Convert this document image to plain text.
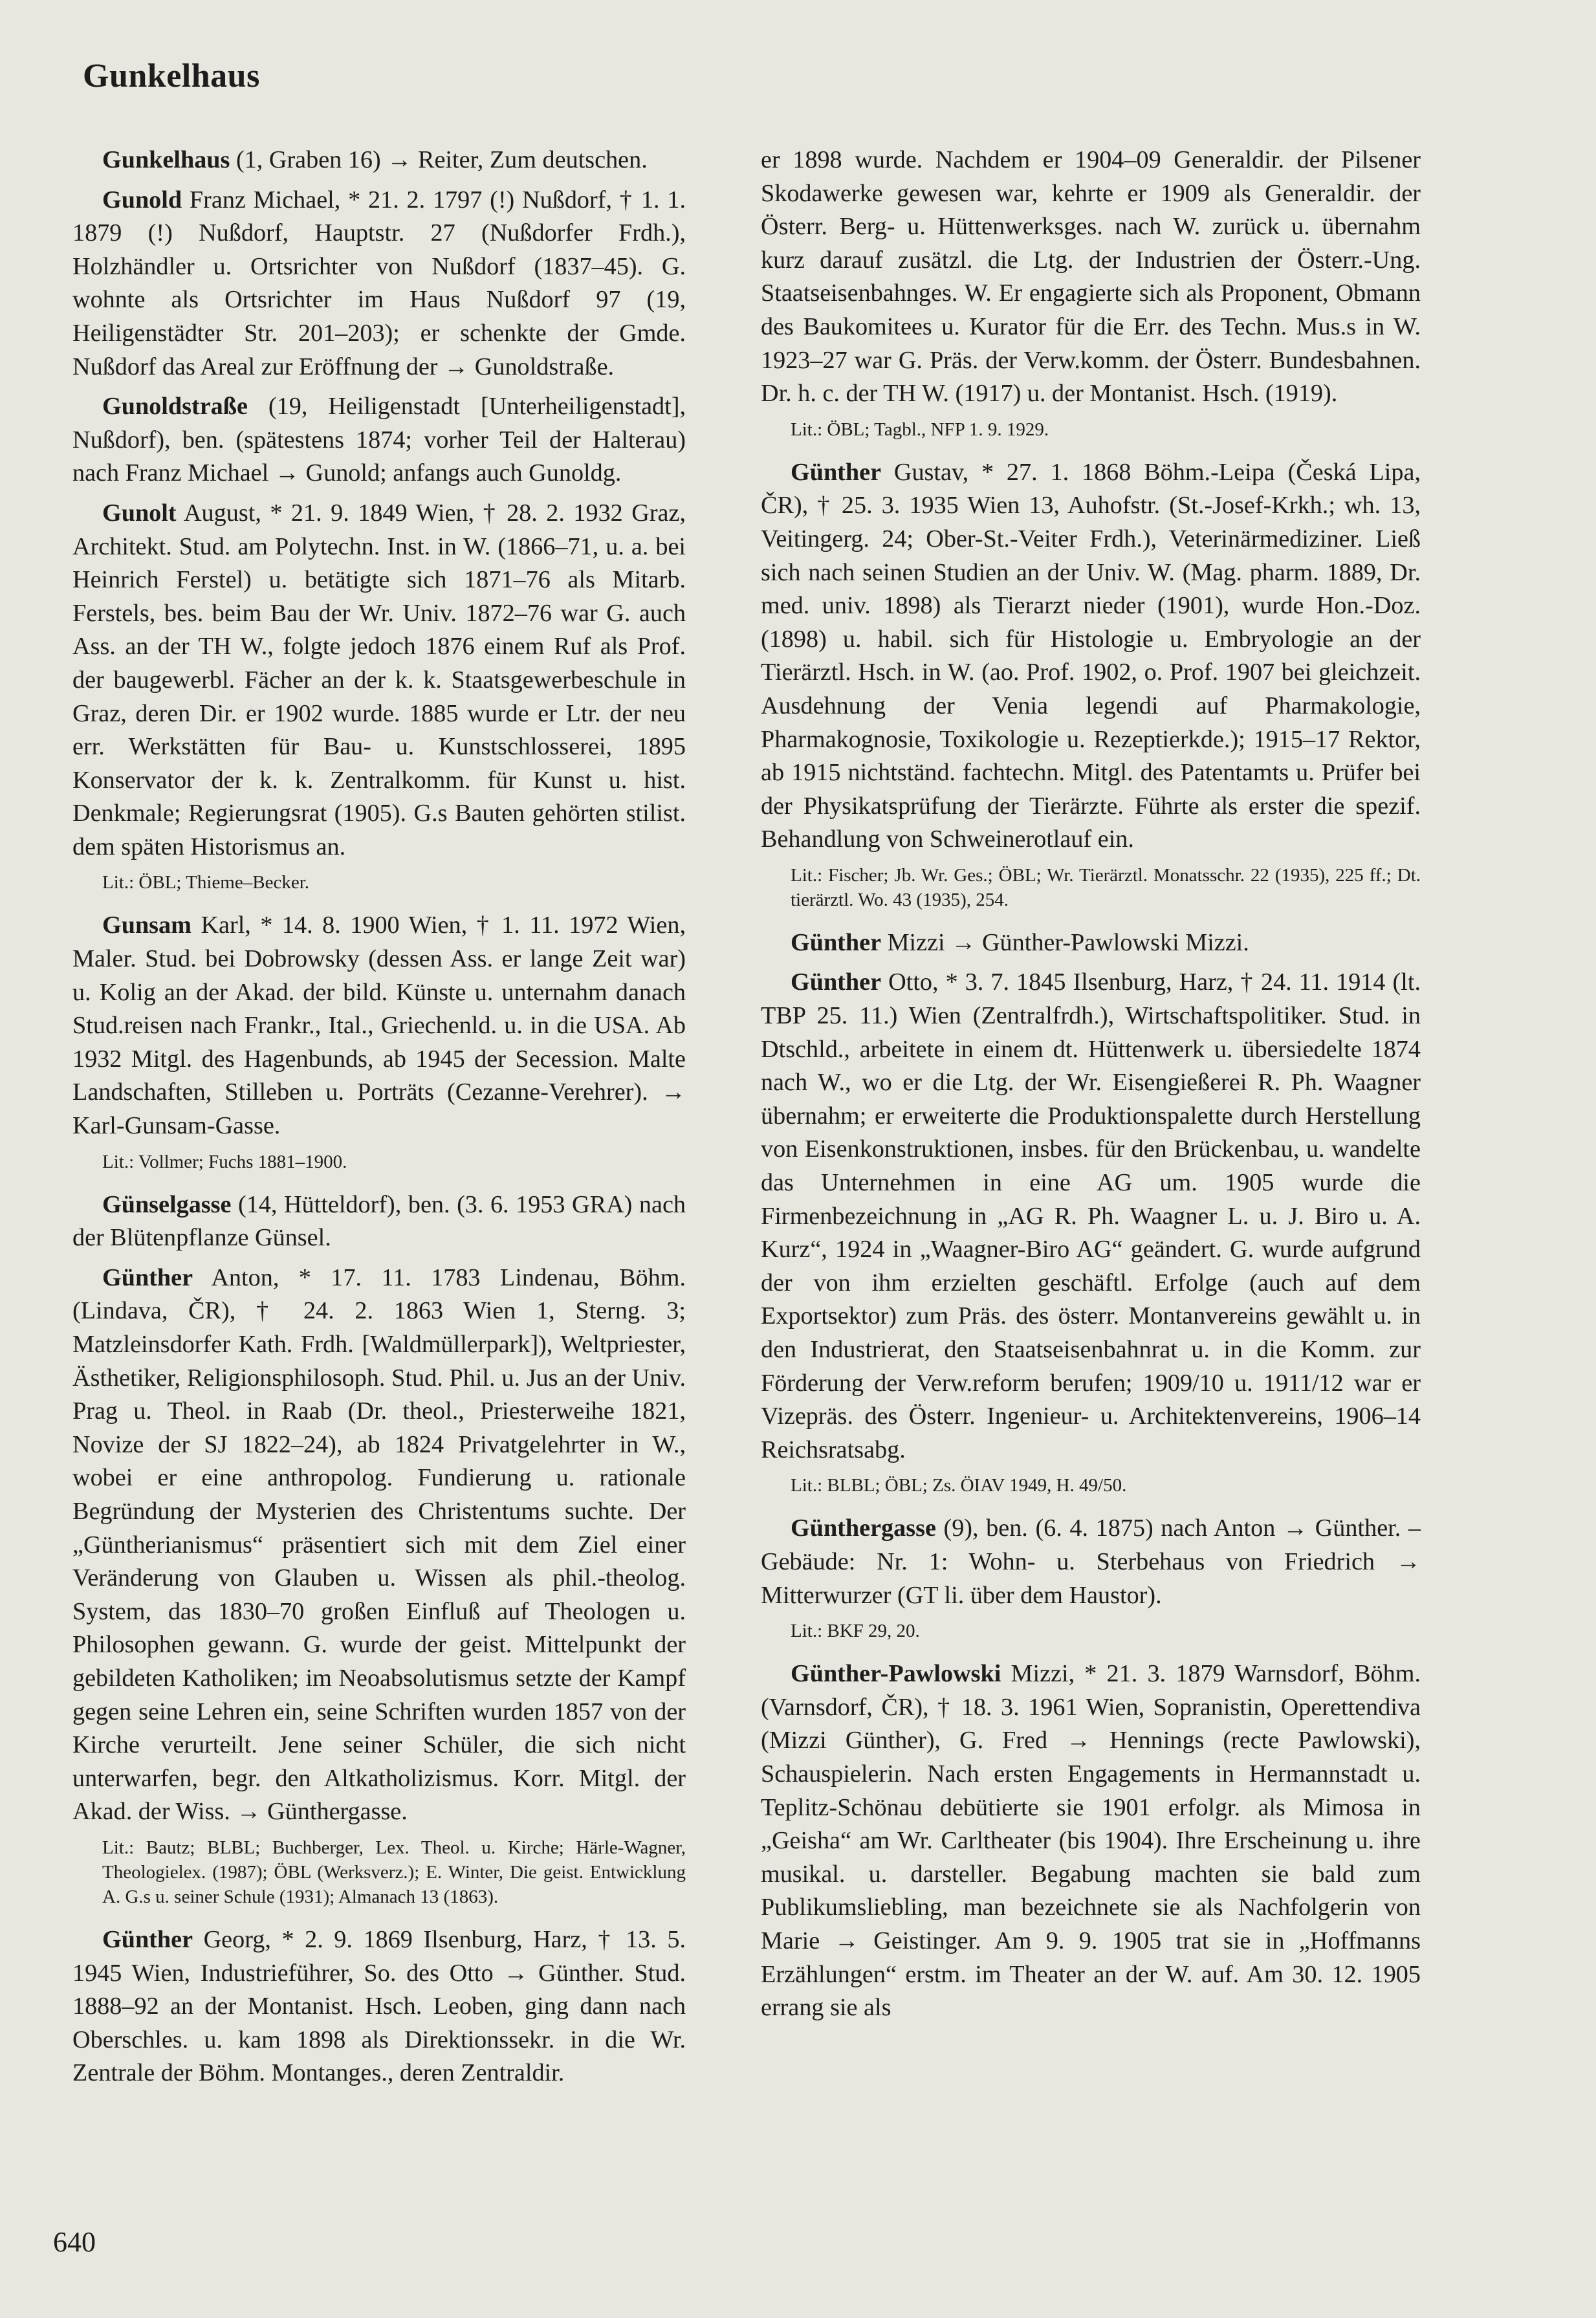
Gunkelhaus

Gunkelhaus (1, Graben 16) → Reiter, Zum deutschen.

Gunold Franz Michael, * 21. 2. 1797 (!) Nußdorf, † 1. 1. 1879 (!) Nußdorf, Hauptstr. 27 (Nußdorfer Frdh.), Holzhändler u. Ortsrichter von Nußdorf (1837–45). G. wohnte als Ortsrichter im Haus Nußdorf 97 (19, Heiligenstädter Str. 201–203); er schenkte der Gmde. Nußdorf das Areal zur Eröffnung der → Gunoldstraße.

Gunoldstraße (19, Heiligenstadt [Unterheiligenstadt], Nußdorf), ben. (spätestens 1874; vorher Teil der Halterau) nach Franz Michael → Gunold; anfangs auch Gunoldg.

Gunolt August, * 21. 9. 1849 Wien, † 28. 2. 1932 Graz, Architekt. Stud. am Polytechn. Inst. in W. (1866–71, u. a. bei Heinrich Ferstel) u. betätigte sich 1871–76 als Mitarb. Ferstels, bes. beim Bau der Wr. Univ. 1872–76 war G. auch Ass. an der TH W., folgte jedoch 1876 einem Ruf als Prof. der baugewerbl. Fächer an der k. k. Staatsgewerbeschule in Graz, deren Dir. er 1902 wurde. 1885 wurde er Ltr. der neu err. Werkstätten für Bau- u. Kunstschlosserei, 1895 Konservator der k. k. Zentralkomm. für Kunst u. hist. Denkmale; Regierungsrat (1905). G.s Bauten gehörten stilist. dem späten Historismus an.

Lit.: ÖBL; Thieme–Becker.

Gunsam Karl, * 14. 8. 1900 Wien, † 1. 11. 1972 Wien, Maler. Stud. bei Dobrowsky (dessen Ass. er lange Zeit war) u. Kolig an der Akad. der bild. Künste u. unternahm danach Stud.reisen nach Frankr., Ital., Griechenld. u. in die USA. Ab 1932 Mitgl. des Hagenbunds, ab 1945 der Secession. Malte Landschaften, Stilleben u. Porträts (Cezanne-Verehrer). → Karl-Gunsam-Gasse.

Lit.: Vollmer; Fuchs 1881–1900.

Günselgasse (14, Hütteldorf), ben. (3. 6. 1953 GRA) nach der Blütenpflanze Günsel.

Günther Anton, * 17. 11. 1783 Lindenau, Böhm. (Lindava, ČR), † 24. 2. 1863 Wien 1, Sterng. 3; Matzleinsdorfer Kath. Frdh. [Waldmüllerpark]), Weltpriester, Ästhetiker, Religionsphilosoph. Stud. Phil. u. Jus an der Univ. Prag u. Theol. in Raab (Dr. theol., Priesterweihe 1821, Novize der SJ 1822–24), ab 1824 Privatgelehrter in W., wobei er eine anthropolog. Fundierung u. rationale Begründung der Mysterien des Christentums suchte. Der „Güntherianismus“ präsentiert sich mit dem Ziel einer Veränderung von Glauben u. Wissen als phil.-theolog. System, das 1830–70 großen Einfluß auf Theologen u. Philosophen gewann. G. wurde der geist. Mittelpunkt der gebildeten Katholiken; im Neoabsolutismus setzte der Kampf gegen seine Lehren ein, seine Schriften wurden 1857 von der Kirche verurteilt. Jene seiner Schüler, die sich nicht unterwarfen, begr. den Altkatholizismus. Korr. Mitgl. der Akad. der Wiss. → Günthergasse.

Lit.: Bautz; BLBL; Buchberger, Lex. Theol. u. Kirche; Härle-Wagner, Theologielex. (1987); ÖBL (Werksverz.); E. Winter, Die geist. Entwicklung A. G.s u. seiner Schule (1931); Almanach 13 (1863).

Günther Georg, * 2. 9. 1869 Ilsenburg, Harz, † 13. 5. 1945 Wien, Industrieführer, So. des Otto → Günther. Stud. 1888–92 an der Montanist. Hsch. Leoben, ging dann nach Oberschles. u. kam 1898 als Direktionssekr. in die Wr. Zentrale der Böhm. Montanges., deren Zentraldir.

er 1898 wurde. Nachdem er 1904–09 Generaldir. der Pilsener Skodawerke gewesen war, kehrte er 1909 als Generaldir. der Österr. Berg- u. Hüttenwerksges. nach W. zurück u. übernahm kurz darauf zusätzl. die Ltg. der Industrien der Österr.-Ung. Staatseisenbahnges. W. Er engagierte sich als Proponent, Obmann des Baukomitees u. Kurator für die Err. des Techn. Mus.s in W. 1923–27 war G. Präs. der Verw.komm. der Österr. Bundesbahnen. Dr. h. c. der TH W. (1917) u. der Montanist. Hsch. (1919).

Lit.: ÖBL; Tagbl., NFP 1. 9. 1929.

Günther Gustav, * 27. 1. 1868 Böhm.-Leipa (Česká Lipa, ČR), † 25. 3. 1935 Wien 13, Auhofstr. (St.-Josef-Krkh.; wh. 13, Veitingerg. 24; Ober-St.-Veiter Frdh.), Veterinärmediziner. Ließ sich nach seinen Studien an der Univ. W. (Mag. pharm. 1889, Dr. med. univ. 1898) als Tierarzt nieder (1901), wurde Hon.-Doz. (1898) u. habil. sich für Histologie u. Embryologie an der Tierärztl. Hsch. in W. (ao. Prof. 1902, o. Prof. 1907 bei gleichzeit. Ausdehnung der Venia legendi auf Pharmakologie, Pharmakognosie, Toxikologie u. Rezeptierkde.); 1915–17 Rektor, ab 1915 nichtständ. fachtechn. Mitgl. des Patentamts u. Prüfer bei der Physikatsprüfung der Tierärzte. Führte als erster die spezif. Behandlung von Schweinerotlauf ein.

Lit.: Fischer; Jb. Wr. Ges.; ÖBL; Wr. Tierärztl. Monatsschr. 22 (1935), 225 ff.; Dt. tierärztl. Wo. 43 (1935), 254.

Günther Mizzi → Günther-Pawlowski Mizzi.

Günther Otto, * 3. 7. 1845 Ilsenburg, Harz, † 24. 11. 1914 (lt. TBP 25. 11.) Wien (Zentralfrdh.), Wirtschaftspolitiker. Stud. in Dtschld., arbeitete in einem dt. Hüttenwerk u. übersiedelte 1874 nach W., wo er die Ltg. der Wr. Eisengießerei R. Ph. Waagner übernahm; er erweiterte die Produktionspalette durch Herstellung von Eisenkonstruktionen, insbes. für den Brückenbau, u. wandelte das Unternehmen in eine AG um. 1905 wurde die Firmenbezeichnung in „AG R. Ph. Waagner L. u. J. Biro u. A. Kurz“, 1924 in „Waagner-Biro AG“ geändert. G. wurde aufgrund der von ihm erzielten geschäftl. Erfolge (auch auf dem Exportsektor) zum Präs. des österr. Montanvereins gewählt u. in den Industrierat, den Staatseisenbahnrat u. in die Komm. zur Förderung der Verw.reform berufen; 1909/10 u. 1911/12 war er Vizepräs. des Österr. Ingenieur- u. Architektenvereins, 1906–14 Reichsratsabg.

Lit.: BLBL; ÖBL; Zs. ÖIAV 1949, H. 49/50.

Günthergasse (9), ben. (6. 4. 1875) nach Anton → Günther. – Gebäude: Nr. 1: Wohn- u. Sterbehaus von Friedrich → Mitterwurzer (GT li. über dem Haustor).

Lit.: BKF 29, 20.

Günther-Pawlowski Mizzi, * 21. 3. 1879 Warnsdorf, Böhm. (Varnsdorf, ČR), † 18. 3. 1961 Wien, Sopranistin, Operettendiva (Mizzi Günther), G. Fred → Hennings (recte Pawlowski), Schauspielerin. Nach ersten Engagements in Hermannstadt u. Teplitz-Schönau debütierte sie 1901 erfolgr. als Mimosa in „Geisha“ am Wr. Carltheater (bis 1904). Ihre Erscheinung u. ihre musikal. u. darsteller. Begabung machten sie bald zum Publikumsliebling, man bezeichnete sie als Nachfolgerin von Marie → Geistinger. Am 9. 9. 1905 trat sie in „Hoffmanns Erzählungen“ erstm. im Theater an der W. auf. Am 30. 12. 1905 errang sie als

640
